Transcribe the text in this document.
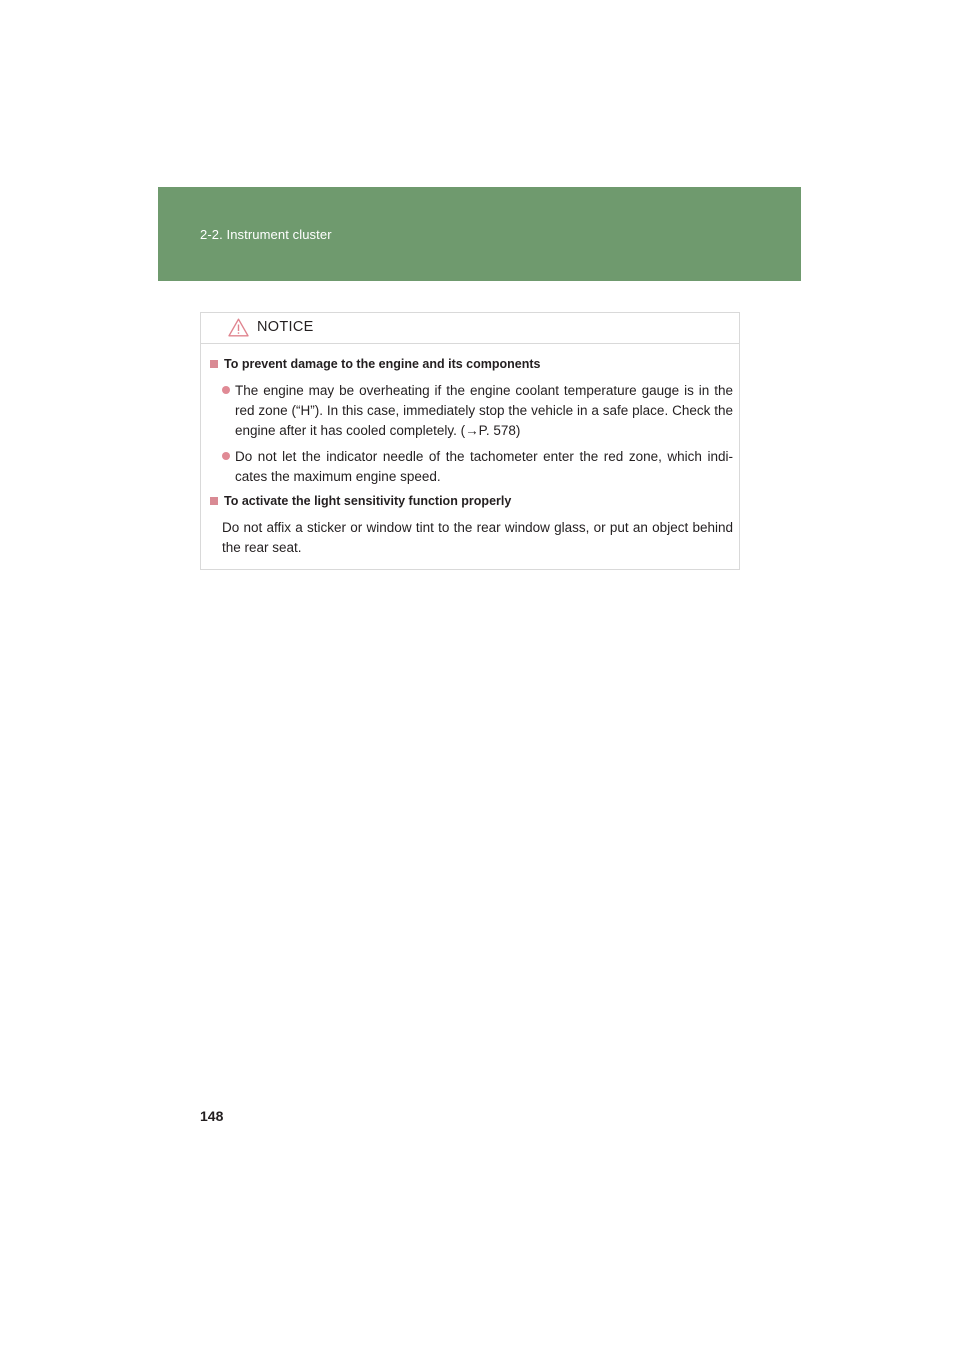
2-2. Instrument cluster
NOTICE
To prevent damage to the engine and its components
The engine may be overheating if the engine coolant temperature gauge is in the red zone (“H”). In this case, immediately stop the vehicle in a safe place. Check the engine after it has cooled completely. (→P. 578)
Do not let the indicator needle of the tachometer enter the red zone, which indi-cates the maximum engine speed.
To activate the light sensitivity function properly
Do not affix a sticker or window tint to the rear window glass, or put an object behind the rear seat.
148
